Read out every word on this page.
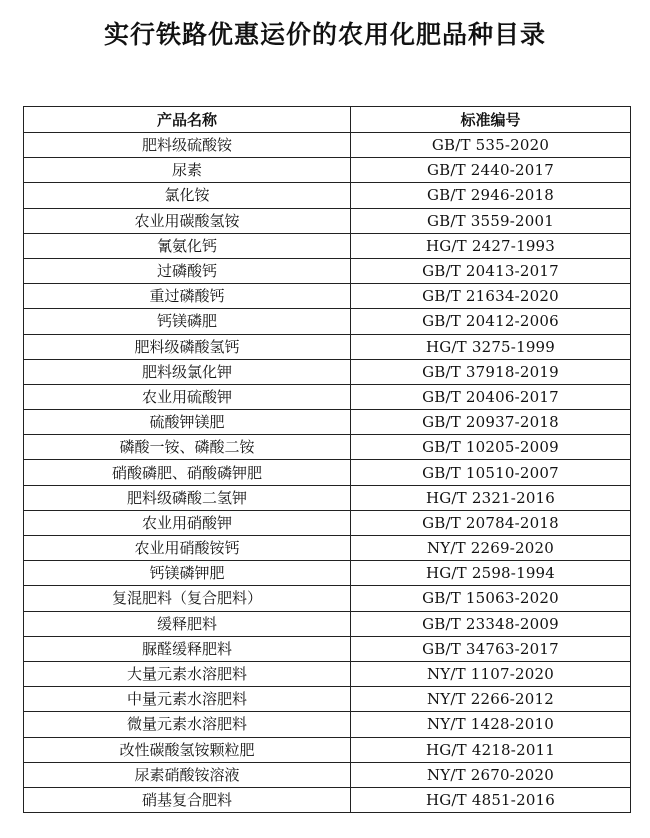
实行铁路优惠运价的农用化肥品种目录
产品名称	标准编号
肥料级硫酸铵	GB/T 535-2020
尿素	GB/T 2440-2017
氯化铵	GB/T 2946-2018
农业用碳酸氢铵	GB/T 3559-2001
氰氨化钙	HG/T 2427-1993
过磷酸钙	GB/T 20413-2017
重过磷酸钙	GB/T 21634-2020
钙镁磷肥	GB/T 20412-2006
肥料级磷酸氢钙	HG/T 3275-1999
肥料级氯化钾	GB/T 37918-2019
农业用硫酸钾	GB/T 20406-2017
硫酸钾镁肥	GB/T 20937-2018
磷酸一铵、磷酸二铵	GB/T 10205-2009
硝酸磷肥、硝酸磷钾肥	GB/T 10510-2007
肥料级磷酸二氢钾	HG/T 2321-2016
农业用硝酸钾	GB/T 20784-2018
农业用硝酸铵钙	NY/T 2269-2020
钙镁磷钾肥	HG/T 2598-1994
复混肥料（复合肥料）	GB/T 15063-2020
缓释肥料	GB/T 23348-2009
脲醛缓释肥料	GB/T 34763-2017
大量元素水溶肥料	NY/T 1107-2020
中量元素水溶肥料	NY/T 2266-2012
微量元素水溶肥料	NY/T 1428-2010
改性碳酸氢铵颗粒肥	HG/T 4218-2011
尿素硝酸铵溶液	NY/T 2670-2020
硝基复合肥料	HG/T 4851-2016
